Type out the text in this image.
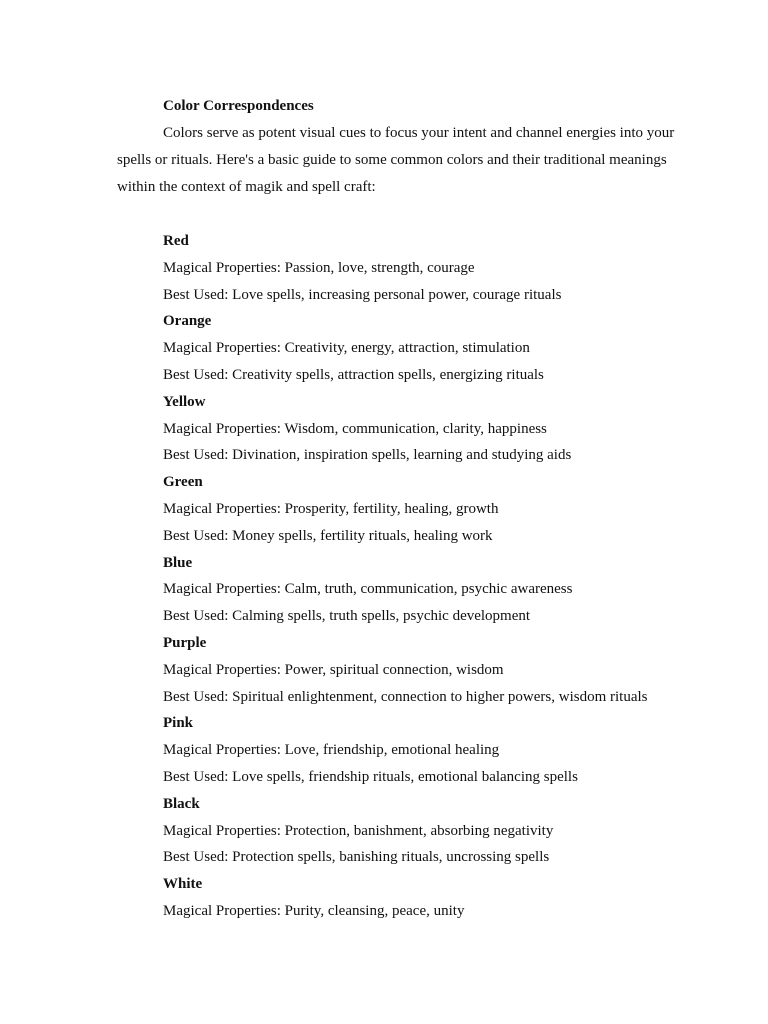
Color Correspondences

Colors serve as potent visual cues to focus your intent and channel energies into your spells or rituals. Here's a basic guide to some common colors and their traditional meanings within the context of magik and spell craft:

Red
Magical Properties: Passion, love, strength, courage
Best Used: Love spells, increasing personal power, courage rituals
Orange
Magical Properties: Creativity, energy, attraction, stimulation
Best Used: Creativity spells, attraction spells, energizing rituals
Yellow
Magical Properties: Wisdom, communication, clarity, happiness
Best Used: Divination, inspiration spells, learning and studying aids
Green
Magical Properties: Prosperity, fertility, healing, growth
Best Used: Money spells, fertility rituals, healing work
Blue
Magical Properties: Calm, truth, communication, psychic awareness
Best Used: Calming spells, truth spells, psychic development
Purple
Magical Properties: Power, spiritual connection, wisdom
Best Used: Spiritual enlightenment, connection to higher powers, wisdom rituals
Pink
Magical Properties: Love, friendship, emotional healing
Best Used: Love spells, friendship rituals, emotional balancing spells
Black
Magical Properties: Protection, banishment, absorbing negativity
Best Used: Protection spells, banishing rituals, uncrossing spells
White
Magical Properties: Purity, cleansing, peace, unity
